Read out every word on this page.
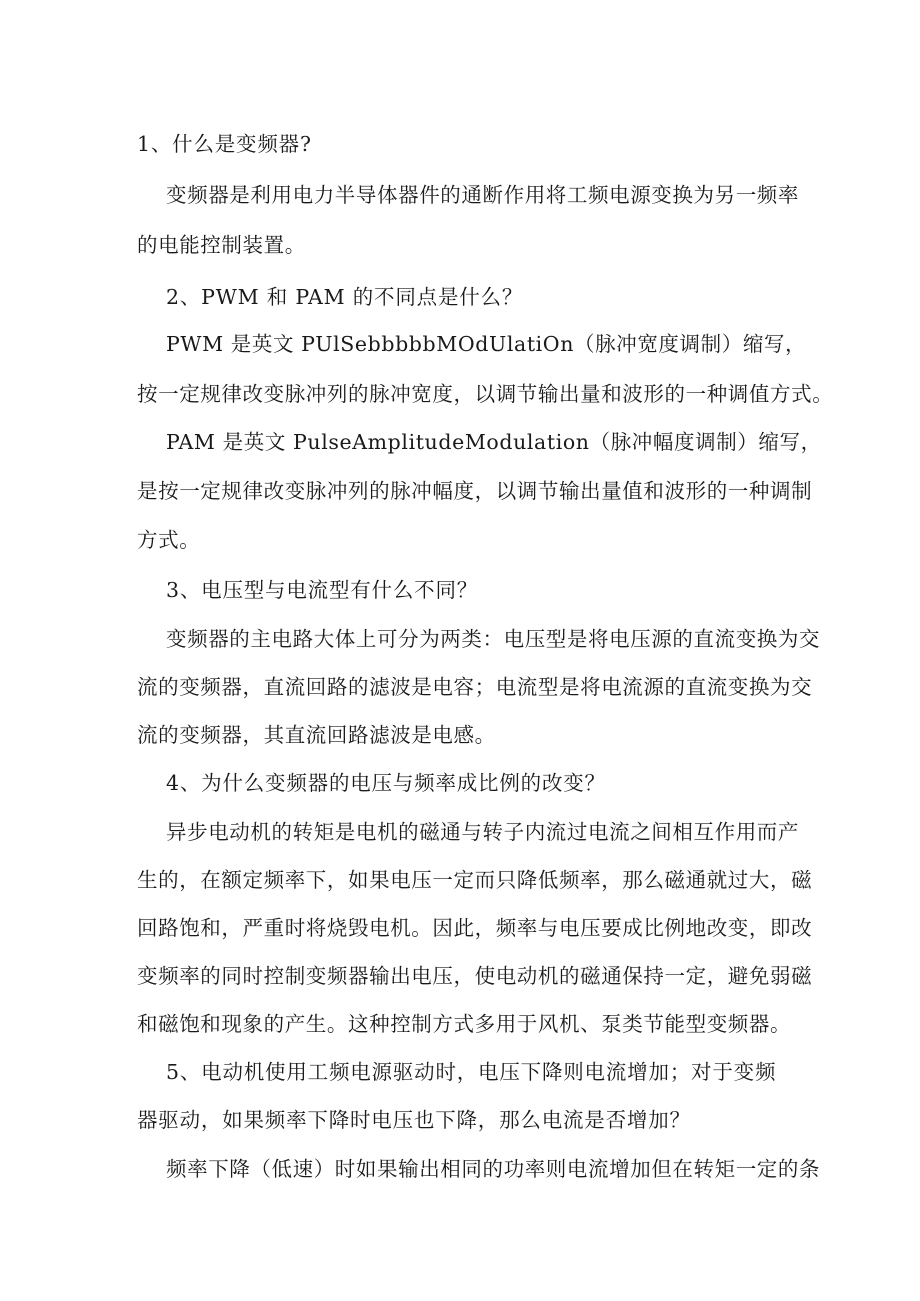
1、什么是变频器?
变频器是利用电力半导体器件的通断作用将工频电源变换为另一频率
的电能控制装置。
2、PWM 和 PAM 的不同点是什么？
PWM 是英文 PUlSebbbbbMOdUlatiOn（脉冲宽度调制）缩写，
按一定规律改变脉冲列的脉冲宽度，以调节输出量和波形的一种调值方式。
PAM 是英文 PulseAmplitudeModulation（脉冲幅度调制）缩写，
是按一定规律改变脉冲列的脉冲幅度，以调节输出量值和波形的一种调制
方式。
3、电压型与电流型有什么不同？
变频器的主电路大体上可分为两类：电压型是将电压源的直流变换为交
流的变频器，直流回路的滤波是电容；电流型是将电流源的直流变换为交
流的变频器，其直流回路滤波是电感。
4、为什么变频器的电压与频率成比例的改变？
异步电动机的转矩是电机的磁通与转子内流过电流之间相互作用而产
生的，在额定频率下，如果电压一定而只降低频率，那么磁通就过大，磁
回路饱和，严重时将烧毁电机。因此，频率与电压要成比例地改变，即改
变频率的同时控制变频器输出电压，使电动机的磁通保持一定，避免弱磁
和磁饱和现象的产生。这种控制方式多用于风机、泵类节能型变频器。
5、电动机使用工频电源驱动时，电压下降则电流增加；对于变频
器驱动，如果频率下降时电压也下降，那么电流是否增加？
频率下降（低速）时如果输出相同的功率则电流增加但在转矩一定的条
